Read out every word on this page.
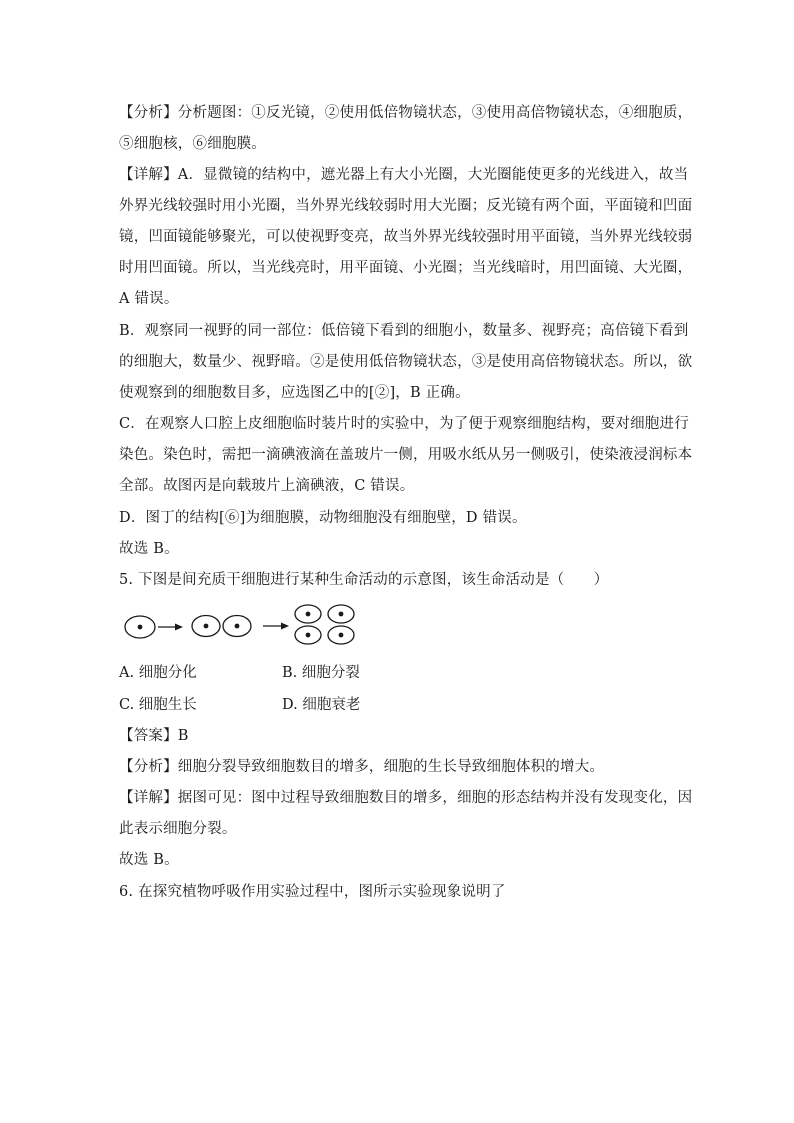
【分析】分析题图：①反光镜，②使用低倍物镜状态，③使用高倍物镜状态，④细胞质，
⑤细胞核，⑥细胞膜。
【详解】A．显微镜的结构中，遮光器上有大小光圈，大光圈能使更多的光线进入，故当
外界光线较强时用小光圈，当外界光线较弱时用大光圈；反光镜有两个面，平面镜和凹面
镜，凹面镜能够聚光，可以使视野变亮，故当外界光线较强时用平面镜，当外界光线较弱
时用凹面镜。所以，当光线亮时，用平面镜、小光圈；当光线暗时，用凹面镜、大光圈，
A 错误。
B．观察同一视野的同一部位：低倍镜下看到的细胞小，数量多、视野亮；高倍镜下看到
的细胞大，数量少、视野暗。②是使用低倍物镜状态，③是使用高倍物镜状态。所以，欲
使观察到的细胞数目多，应选图乙中的[②]，B 正确。
C．在观察人口腔上皮细胞临时装片时的实验中，为了便于观察细胞结构，要对细胞进行
染色。染色时，需把一滴碘液滴在盖玻片一侧，用吸水纸从另一侧吸引，使染液浸润标本
全部。故图丙是向载玻片上滴碘液，C 错误。
D．图丁的结构[⑥]为细胞膜，动物细胞没有细胞壁，D 错误。
故选 B。
5. 下图是间充质干细胞进行某种生命活动的示意图，该生命活动是（　　）
A. 细胞分化	B. 细胞分裂
C. 细胞生长	D. 细胞衰老
【答案】B
【分析】细胞分裂导致细胞数目的增多，细胞的生长导致细胞体积的增大。
【详解】据图可见：图中过程导致细胞数目的增多，细胞的形态结构并没有发现变化，因
此表示细胞分裂。
故选 B。
6. 在探究植物呼吸作用实验过程中，图所示实验现象说明了
